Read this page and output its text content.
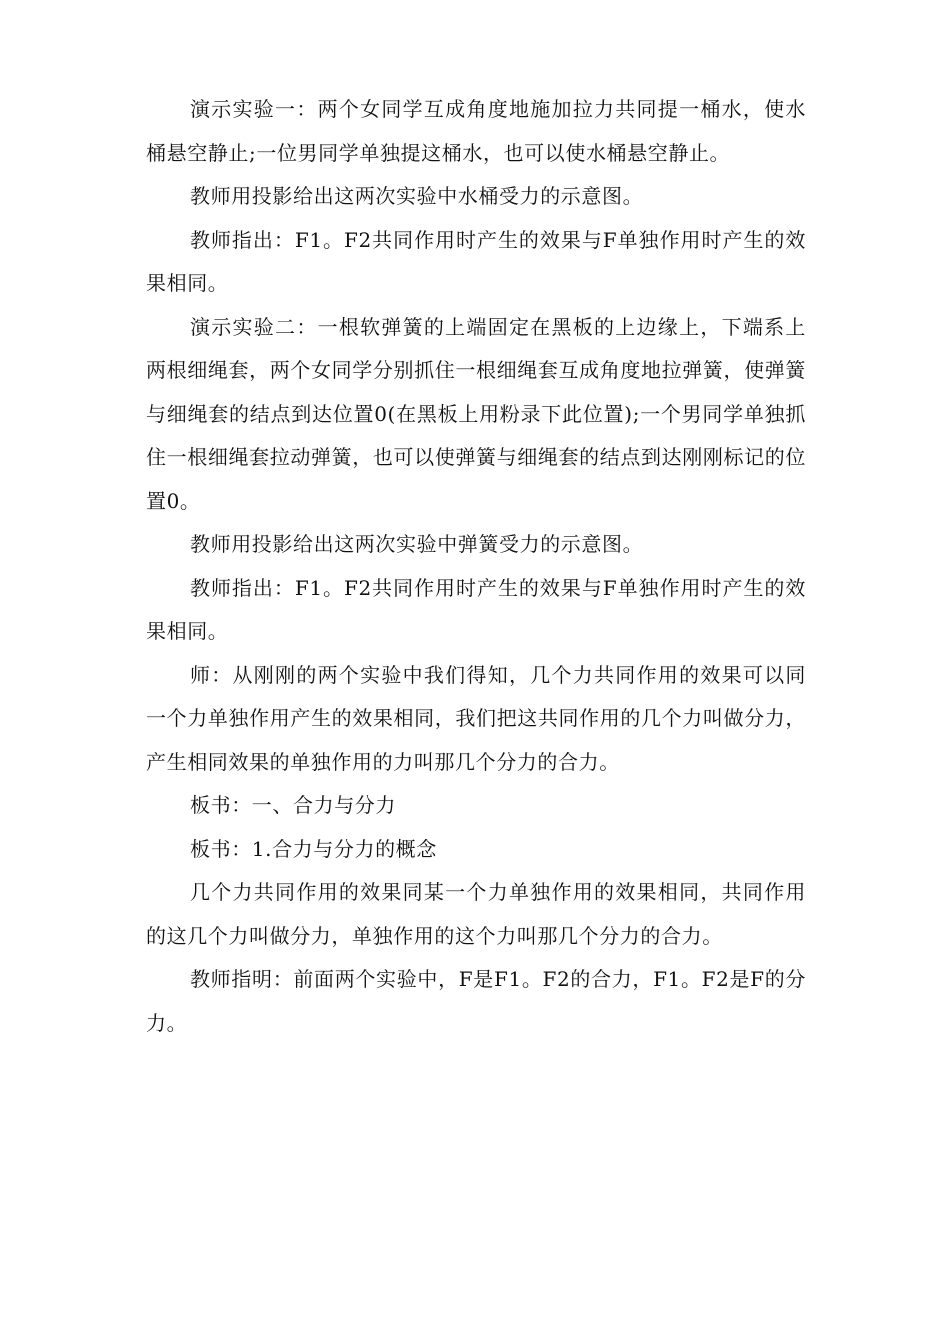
演示实验一：两个女同学互成角度地施加拉力共同提一桶水，使水桶悬空静止;一位男同学单独提这桶水，也可以使水桶悬空静止。

教师用投影给出这两次实验中水桶受力的示意图。

教师指出：F1。F2共同作用时产生的效果与F单独作用时产生的效果相同。

演示实验二：一根软弹簧的上端固定在黑板的上边缘上，下端系上两根细绳套，两个女同学分别抓住一根细绳套互成角度地拉弹簧，使弹簧与细绳套的结点到达位置0(在黑板上用粉录下此位置);一个男同学单独抓住一根细绳套拉动弹簧，也可以使弹簧与细绳套的结点到达刚刚标记的位置0。

教师用投影给出这两次实验中弹簧受力的示意图。

教师指出：F1。F2共同作用时产生的效果与F单独作用时产生的效果相同。

师：从刚刚的两个实验中我们得知，几个力共同作用的效果可以同一个力单独作用产生的效果相同，我们把这共同作用的几个力叫做分力，产生相同效果的单独作用的力叫那几个分力的合力。

板书：一、合力与分力

板书：1.合力与分力的概念

几个力共同作用的效果同某一个力单独作用的效果相同，共同作用的这几个力叫做分力，单独作用的这个力叫那几个分力的合力。

教师指明：前面两个实验中，F是F1。F2的合力，F1。F2是F的分力。
